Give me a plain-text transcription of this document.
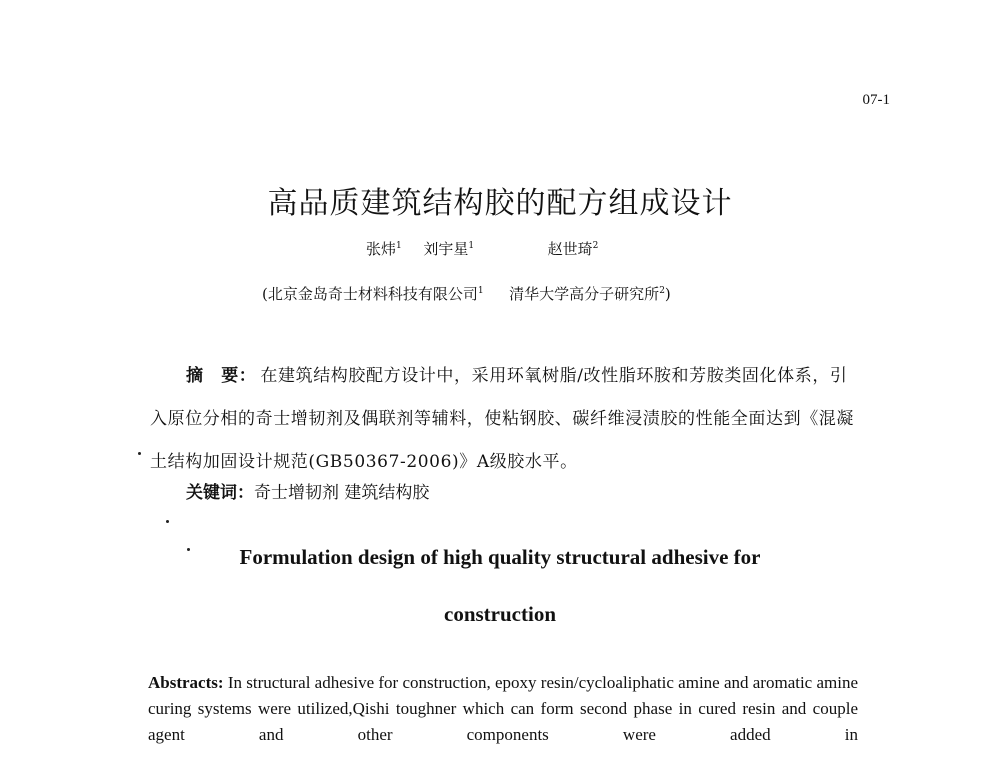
07-1
高品质建筑结构胶的配方组成设计
张炜$^1$ 刘宇星$^1$	赵世琦$^2$
(北京金岛奇士材料科技有限公司$^1$ 清华大学高分子研究所$^2$)
摘　要： 在建筑结构胶配方设计中，采用环氧树脂/改性脂环胺和芳胺类固化体系，引入原位分相的奇士增韧剂及偶联剂等辅料，使粘钢胶、碳纤维浸渍胶的性能全面达到《混凝土结构加固设计规范(GB50367-2006)》A级胶水平。
关键词：奇士增韧剂 建筑结构胶
Formulation design of high quality structural adhesive for
construction
Abstracts: In structural adhesive for construction, epoxy resin/cycloaliphatic amine and aromatic amine curing systems were utilized,Qishi toughner which can form second phase in cured resin and couple agent and other components were added in
